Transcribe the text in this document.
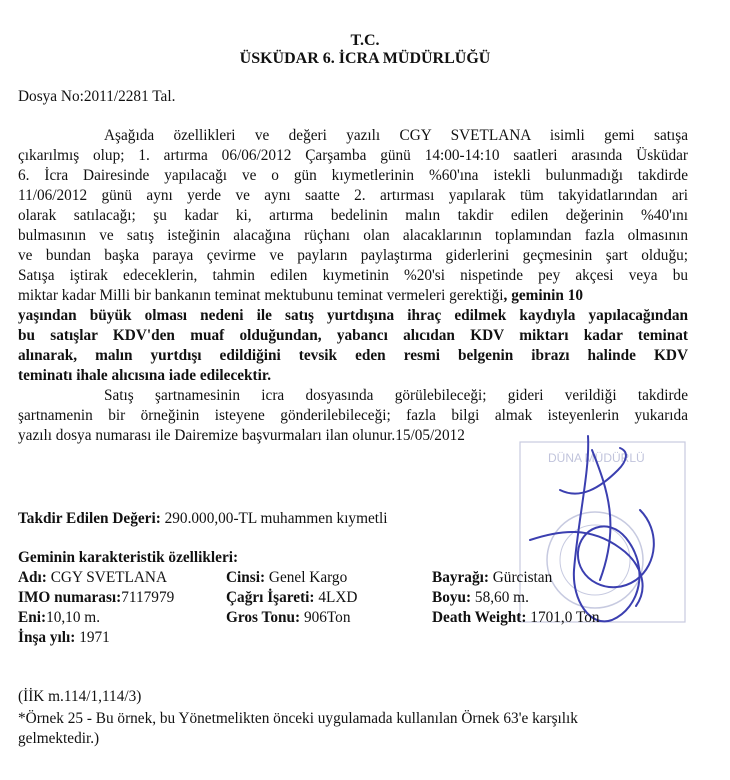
T.C.
ÜSKÜDAR 6. İCRA MÜDÜRLÜĞÜ
Dosya No:2011/2281 Tal.
Aşağıda özellikleri ve değeri yazılı CGY SVETLANA isimli gemi satışa
çıkarılmış olup; 1. artırma 06/06/2012 Çarşamba günü 14:00-14:10 saatleri arasında Üsküdar
6. İcra Dairesinde yapılacağı ve o gün kıymetlerinin %60'ına istekli bulunmadığı takdirde
11/06/2012 günü aynı yerde ve aynı saatte 2. artırması yapılarak tüm takyidatlarından ari
olarak satılacağı; şu kadar ki, artırma bedelinin malın takdir edilen değerinin %40'ını
bulmasının ve satış isteğinin alacağına rüçhanı olan alacaklarının toplamından fazla olmasının
ve bundan başka paraya çevirme ve payların paylaştırma giderlerini geçmesinin şart olduğu;
Satışa iştirak edeceklerin, tahmin edilen kıymetinin %20'si nispetinde pey akçesi veya bu
miktar kadar Milli bir bankanın teminat mektubunu teminat vermeleri gerektiği, geminin 10
yaşından büyük olması nedeni ile satış yurtdışına ihraç edilmek kaydıyla yapılacağından
bu satışlar KDV'den muaf olduğundan, yabancı alıcıdan KDV miktarı kadar teminat
alınarak, malın yurtdışı edildiğini tevsik eden resmi belgenin ibrazı halinde KDV
teminatı ihale alıcısına iade edilecektir.
Satış şartnamesinin icra dosyasında görülebileceği; gideri verildiği takdirde
şartnamenin bir örneğinin isteyene gönderilebileceği; fazla bilgi almak isteyenlerin yukarıda
yazılı dosya numarası ile Dairemize başvurmaları ilan olunur.15/05/2012
DÜNA MÜDÜRLÜ
Takdir Edilen Değeri: 290.000,00-TL muhammen kıymetli
Geminin karakteristik özellikleri:
Adı: CGY SVETLANA	Cinsi: Genel Kargo	Bayrağı: Gürcistan
IMO numarası:7117979	Çağrı İşareti: 4LXD	Boyu: 58,60 m.
Eni:10,10 m.	Gros Tonu: 906Ton	Death Weight: 1701,0 Ton
İnşa yılı: 1971
(İİK m.114/1,114/3)
*Örnek 25 - Bu örnek, bu Yönetmelikten önceki uygulamada kullanılan Örnek 63'e karşılık
gelmektedir.)
